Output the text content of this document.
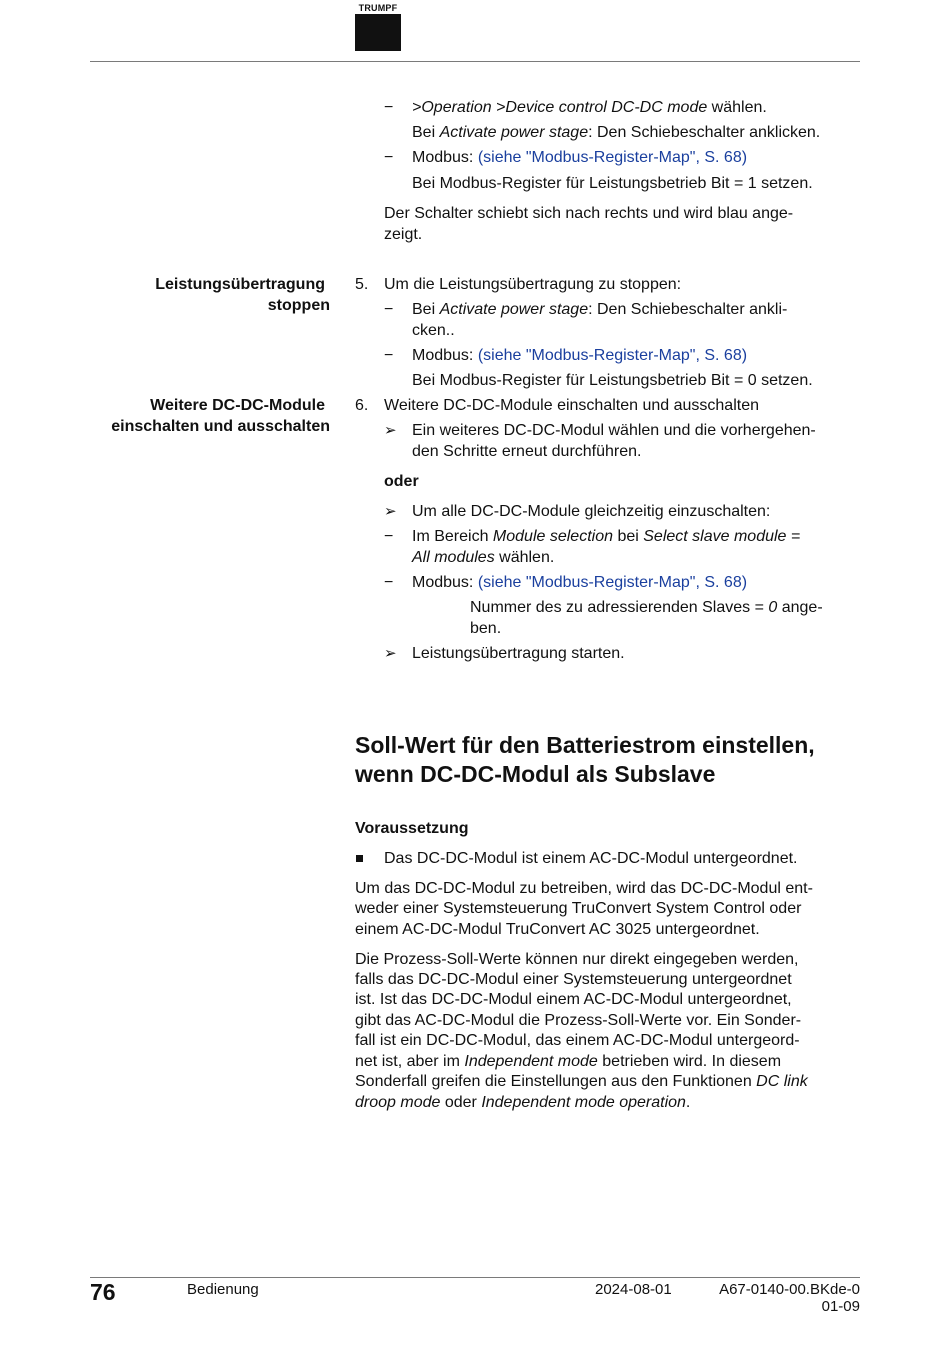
TRUMPF
− >Operation >Device control DC-DC mode wählen.
Bei Activate power stage: Den Schiebeschalter anklicken.
− Modbus: (siehe "Modbus-Register-Map", S. 68)
Bei Modbus-Register für Leistungsbetrieb Bit = 1 setzen.
Der Schalter schiebt sich nach rechts und wird blau ange-
zeigt.
Leistungsübertragung
stoppen
5. Um die Leistungsübertragung zu stoppen:
− Bei Activate power stage: Den Schiebeschalter ankli-
cken..
− Modbus: (siehe "Modbus-Register-Map", S. 68)
Bei Modbus-Register für Leistungsbetrieb Bit = 0 setzen.
Weitere DC-DC-Module
einschalten und ausschalten
6. Weitere DC-DC-Module einschalten und ausschalten
➢ Ein weiteres DC-DC-Modul wählen und die vorhergehen-
den Schritte erneut durchführen.
oder
➢ Um alle DC-DC-Module gleichzeitig einzuschalten:
− Im Bereich Module selection bei Select slave module =
All modules wählen.
− Modbus: (siehe "Modbus-Register-Map", S. 68)
Nummer des zu adressierenden Slaves = 0 ange-
ben.
➢ Leistungsübertragung starten.
Soll-Wert für den Batteriestrom einstellen,
wenn DC-DC-Modul als Subslave
Voraussetzung
Das DC-DC-Modul ist einem AC-DC-Modul untergeordnet.
Um das DC-DC-Modul zu betreiben, wird das DC-DC-Modul ent-
weder einer Systemsteuerung TruConvert System Control oder
einem AC-DC-Modul TruConvert AC 3025 untergeordnet.
Die Prozess-Soll-Werte können nur direkt eingegeben werden,
falls das DC-DC-Modul einer Systemsteuerung untergeordnet
ist. Ist das DC-DC-Modul einem AC-DC-Modul untergeordnet,
gibt das AC-DC-Modul die Prozess-Soll-Werte vor. Ein Sonder-
fall ist ein DC-DC-Modul, das einem AC-DC-Modul untergeord-
net ist, aber im Independent mode betrieben wird. In diesem
Sonderfall greifen die Einstellungen aus den Funktionen DC link
droop mode oder Independent mode operation.
76	Bedienung	2024-08-01	A67-0140-00.BKde-0
01-09
